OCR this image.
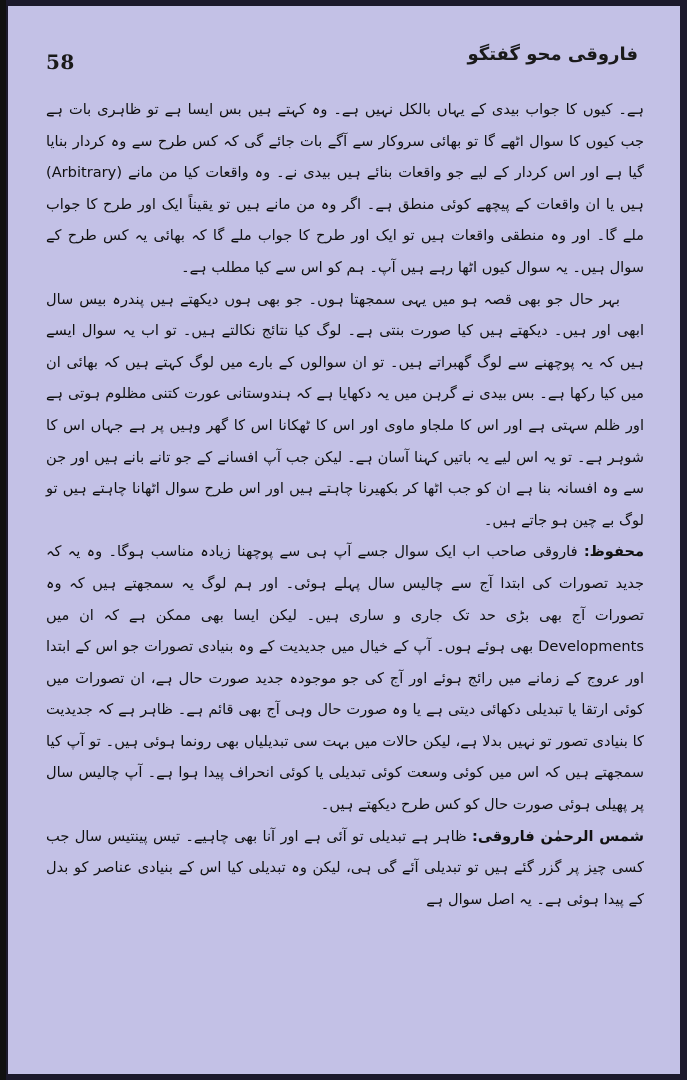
58	فاروقی محو گفتگو

ہے۔ کیوں کا جواب بیدی کے یہاں بالکل نہیں ہے۔ وہ کہتے ہیں بس ایسا ہے تو ظاہری بات ہے جب کیوں کا سوال اٹھے گا تو بھائی سروکار سے آگے بات جائے گی کہ کس طرح سے وہ کردار بنایا گیا ہے اور اس کردار کے لیے جو واقعات بنائے ہیں بیدی نے۔ وہ واقعات کیا من مانے (Arbitrary) ہیں یا ان واقعات کے پیچھے کوئی منطق ہے۔ اگر وہ من مانے ہیں تو یقیناً ایک اور طرح کا جواب ملے گا۔ اور وہ منطقی واقعات ہیں تو ایک اور طرح کا جواب ملے گا کہ بھائی یہ کس طرح کے سوال ہیں۔ یہ سوال کیوں اٹھا رہے ہیں آپ۔ ہم کو اس سے کیا مطلب ہے۔

بہر حال جو بھی قصہ ہو میں یہی سمجھتا ہوں۔ جو بھی ہوں دیکھتے ہیں پندرہ بیس سال ابھی اور ہیں۔ دیکھتے ہیں کیا صورت بنتی ہے۔ لوگ کیا نتائج نکالتے ہیں۔ تو اب یہ سوال ایسے ہیں کہ یہ پوچھنے سے لوگ گھبراتے ہیں۔ تو ان سوالوں کے بارے میں لوگ کہتے ہیں کہ بھائی ان میں کیا رکھا ہے۔ بس بیدی نے گرہن میں یہ دکھایا ہے کہ ہندوستانی عورت کتنی مظلوم ہوتی ہے اور ظلم سہتی ہے اور اس کا ملجاو ماوی اور اس کا ٹھکانا اس کا گھر وہیں پر ہے جہاں اس کا شوہر ہے۔ تو یہ اس لیے یہ باتیں کہنا آسان ہے۔ لیکن جب آپ افسانے کے جو تانے بانے ہیں اور جن سے وہ افسانہ بنا ہے ان کو جب اٹھا کر بکھیرنا چاہتے ہیں اور اس طرح سوال اٹھانا چاہتے ہیں تو لوگ بے چین ہو جاتے ہیں۔

محفوظ: فاروقی صاحب اب ایک سوال جسے آپ ہی سے پوچھنا زیادہ مناسب ہوگا۔ وہ یہ کہ جدید تصورات کی ابتدا آج سے چالیس سال پہلے ہوئی۔ اور ہم لوگ یہ سمجھتے ہیں کہ وہ تصورات آج بھی بڑی حد تک جاری و ساری ہیں۔ لیکن ایسا بھی ممکن ہے کہ ان میں Developments بھی ہوئے ہوں۔ آپ کے خیال میں جدیدیت کے وہ بنیادی تصورات جو اس کے ابتدا اور عروج کے زمانے میں رائج ہوئے اور آج کی جو موجودہ جدید صورت حال ہے، ان تصورات میں کوئی ارتقا یا تبدیلی دکھائی دیتی ہے یا وہ صورت حال وہی آج بھی قائم ہے۔ ظاہر ہے کہ جدیدیت کا بنیادی تصور تو نہیں بدلا ہے، لیکن حالات میں بہت سی تبدیلیاں بھی رونما ہوئی ہیں۔ تو آپ کیا سمجھتے ہیں کہ اس میں کوئی وسعت کوئی تبدیلی یا کوئی انحراف پیدا ہوا ہے۔ آپ چالیس سال پر پھیلی ہوئی صورت حال کو کس طرح دیکھتے ہیں۔

شمس الرحمٰن فاروقی: ظاہر ہے تبدیلی تو آئی ہے اور آنا بھی چاہیے۔ تیس پینتیس سال جب کسی چیز پر گزر گئے ہیں تو تبدیلی آئے گی ہی، لیکن وہ تبدیلی کیا اس کے بنیادی عناصر کو بدل کے پیدا ہوئی ہے۔ یہ اصل سوال ہے
